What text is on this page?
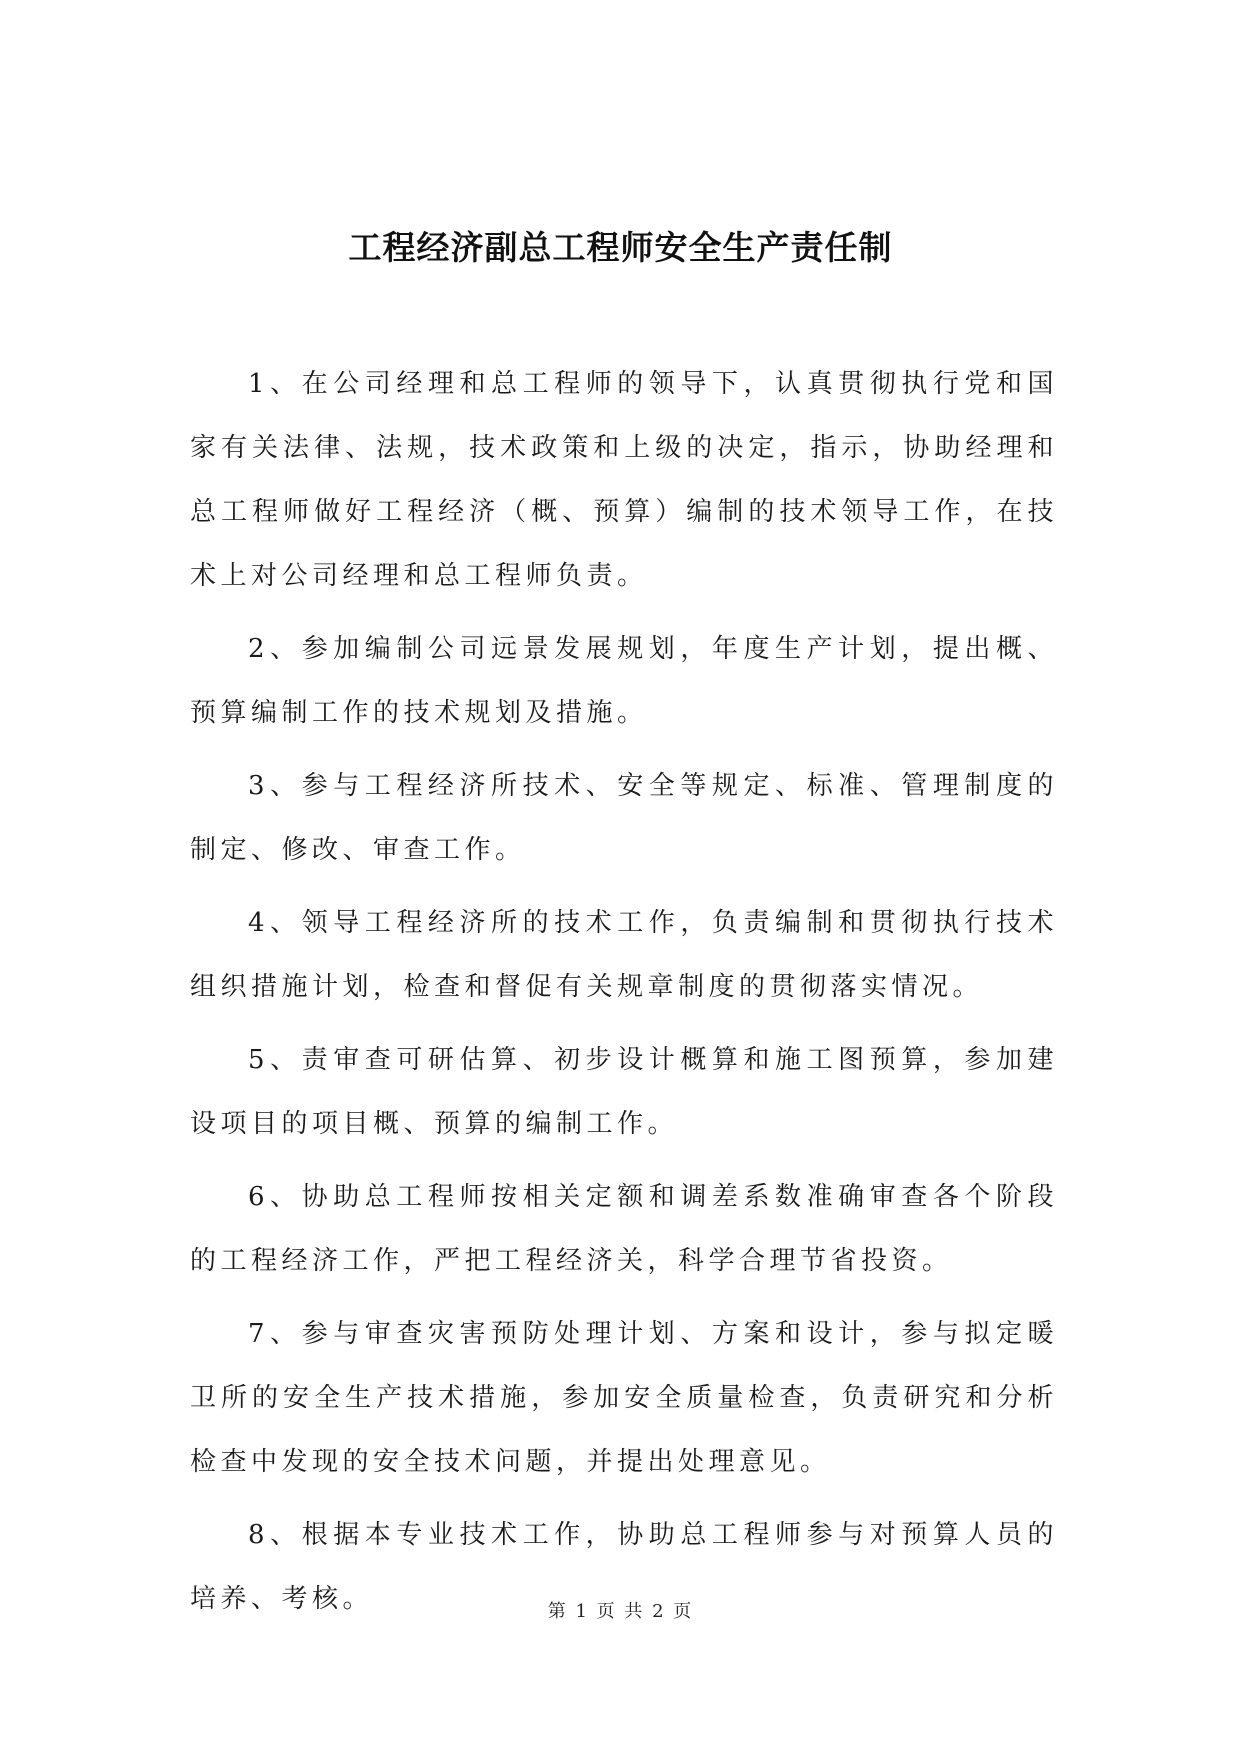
工程经济副总工程师安全生产责任制

1、在公司经理和总工程师的领导下，认真贯彻执行党和国家有关法律、法规，技术政策和上级的决定，指示，协助经理和总工程师做好工程经济（概、预算）编制的技术领导工作，在技术上对公司经理和总工程师负责。

2、参加编制公司远景发展规划，年度生产计划，提出概、预算编制工作的技术规划及措施。

3、参与工程经济所技术、安全等规定、标准、管理制度的制定、修改、审查工作。

4、领导工程经济所的技术工作，负责编制和贯彻执行技术组织措施计划，检查和督促有关规章制度的贯彻落实情况。

5、责审查可研估算、初步设计概算和施工图预算，参加建设项目的项目概、预算的编制工作。

6、协助总工程师按相关定额和调差系数准确审查各个阶段的工程经济工作，严把工程经济关，科学合理节省投资。

7、参与审查灾害预防处理计划、方案和设计，参与拟定暖卫所的安全生产技术措施，参加安全质量检查，负责研究和分析检查中发现的安全技术问题，并提出处理意见。

8、根据本专业技术工作，协助总工程师参与对预算人员的培养、考核。	第 1 页 共 2 页
